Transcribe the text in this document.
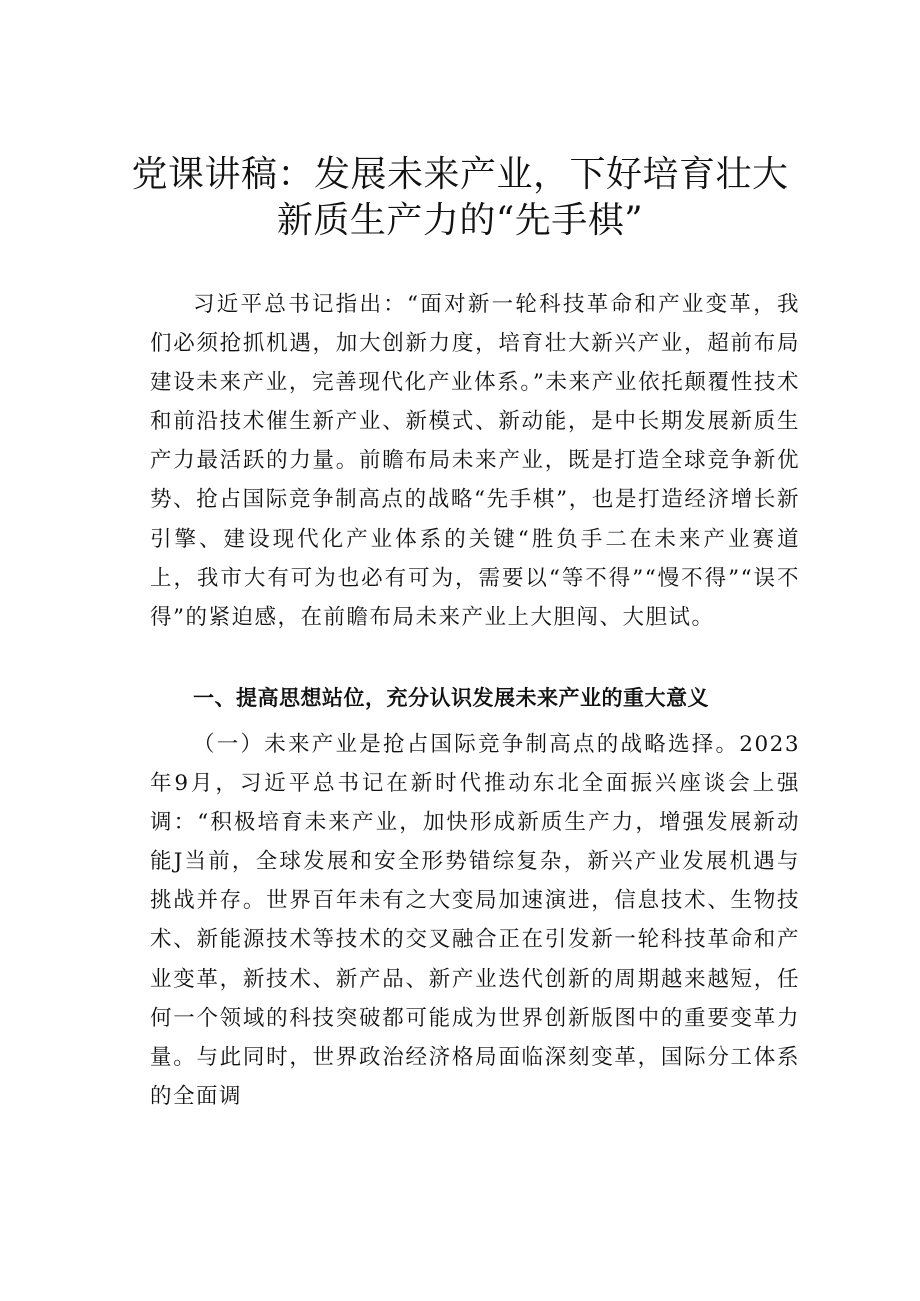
党课讲稿：发展未来产业，下好培育壮大
新质生产力的“先手棋”

习近平总书记指出：“面对新一轮科技革命和产业变革，我们必须抢抓机遇，加大创新力度，培育壮大新兴产业，超前布局建设未来产业，完善现代化产业体系。”未来产业依托颠覆性技术和前沿技术催生新产业、新模式、新动能，是中长期发展新质生产力最活跃的力量。前瞻布局未来产业，既是打造全球竞争新优势、抢占国际竞争制高点的战略“先手棋”，也是打造经济增长新引擎、建设现代化产业体系的关键“胜负手二在未来产业赛道上，我市大有可为也必有可为，需要以“等不得”“慢不得”“误不得”的紧迫感，在前瞻布局未来产业上大胆闯、大胆试。

一、提高思想站位，充分认识发展未来产业的重大意义

（一）未来产业是抢占国际竞争制高点的战略选择。2023年9月，习近平总书记在新时代推动东北全面振兴座谈会上强调：“积极培育未来产业，加快形成新质生产力，增强发展新动能J当前，全球发展和安全形势错综复杂，新兴产业发展机遇与挑战并存。世界百年未有之大变局加速演进，信息技术、生物技术、新能源技术等技术的交叉融合正在引发新一轮科技革命和产业变革，新技术、新产品、新产业迭代创新的周期越来越短，任何一个领域的科技突破都可能成为世界创新版图中的重要变革力量。与此同时，世界政治经济格局面临深刻变革，国际分工体系的全面调
